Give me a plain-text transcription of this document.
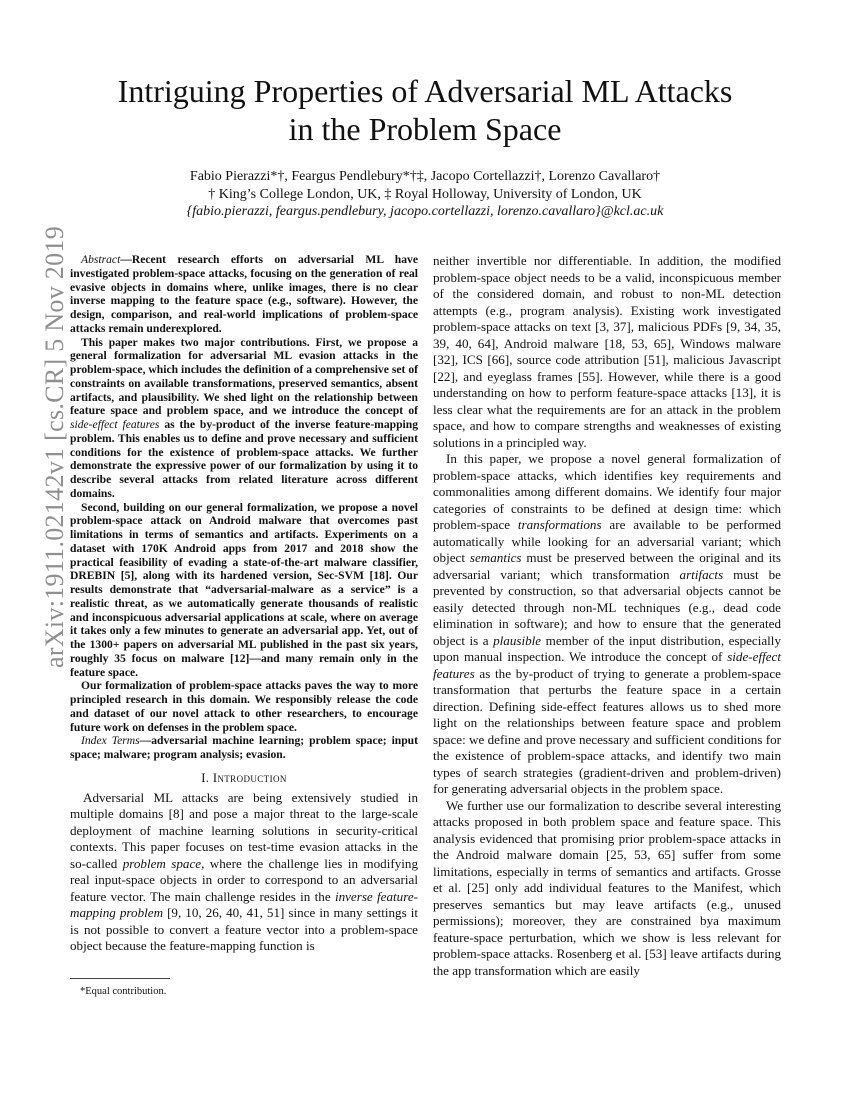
arXiv:1911.02142v1 [cs.CR] 5 Nov 2019
Intriguing Properties of Adversarial ML Attacks
in the Problem Space
Fabio Pierazzi*†, Feargus Pendlebury*†‡, Jacopo Cortellazzi†, Lorenzo Cavallaro†
† King’s College London, UK, ‡ Royal Holloway, University of London, UK
{fabio.pierazzi, feargus.pendlebury, jacopo.cortellazzi, lorenzo.cavallaro}@kcl.ac.uk

Abstract—Recent research efforts on adversarial ML have investigated problem-space attacks, focusing on the generation of real evasive objects in domains where, unlike images, there is no clear inverse mapping to the feature space (e.g., software). However, the design, comparison, and real-world implications of problem-space attacks remain underexplored.

This paper makes two major contributions. First, we propose a general formalization for adversarial ML evasion attacks in the problem-space, which includes the definition of a comprehensive set of constraints on available transformations, preserved semantics, absent artifacts, and plausibility. We shed light on the relationship between feature space and problem space, and we introduce the concept of side-effect features as the by-product of the inverse feature-mapping problem. This enables us to define and prove necessary and sufficient conditions for the existence of problem-space attacks. We further demonstrate the expressive power of our formalization by using it to describe several attacks from related literature across different domains.

Second, building on our general formalization, we propose a novel problem-space attack on Android malware that overcomes past limitations in terms of semantics and artifacts. Experiments on a dataset with 170K Android apps from 2017 and 2018 show the practical feasibility of evading a state-of-the-art malware classifier, DREBIN [5], along with its hardened version, Sec-SVM [18]. Our results demonstrate that “adversarial-malware as a service” is a realistic threat, as we automatically generate thousands of realistic and inconspicuous adversarial applications at scale, where on average it takes only a few minutes to generate an adversarial app. Yet, out of the 1300+ papers on adversarial ML published in the past six years, roughly 35 focus on malware [12]—and many remain only in the feature space.

Our formalization of problem-space attacks paves the way to more principled research in this domain. We responsibly release the code and dataset of our novel attack to other researchers, to encourage future work on defenses in the problem space.

Index Terms—adversarial machine learning; problem space; input space; malware; program analysis; evasion.

I. Introduction

Adversarial ML attacks are being extensively studied in multiple domains [8] and pose a major threat to the large-scale deployment of machine learning solutions in security-critical contexts. This paper focuses on test-time evasion attacks in the so-called problem space, where the challenge lies in modifying real input-space objects in order to correspond to an adversarial feature vector. The main challenge resides in the inverse feature-mapping problem [9, 10, 26, 40, 41, 51] since in many settings it is not possible to convert a feature vector into a problem-space object because the feature-mapping function is

neither invertible nor differentiable. In addition, the modified problem-space object needs to be a valid, inconspicuous member of the considered domain, and robust to non-ML detection attempts (e.g., program analysis). Existing work investigated problem-space attacks on text [3, 37], malicious PDFs [9, 34, 35, 39, 40, 64], Android malware [18, 53, 65], Windows malware [32], ICS [66], source code attribution [51], malicious Javascript [22], and eyeglass frames [55]. However, while there is a good understanding on how to perform feature-space attacks [13], it is less clear what the requirements are for an attack in the problem space, and how to compare strengths and weaknesses of existing solutions in a principled way.

In this paper, we propose a novel general formalization of problem-space attacks, which identifies key requirements and commonalities among different domains. We identify four major categories of constraints to be defined at design time: which problem-space transformations are available to be performed automatically while looking for an adversarial variant; which object semantics must be preserved between the original and its adversarial variant; which transformation artifacts must be prevented by construction, so that adversarial objects cannot be easily detected through non-ML techniques (e.g., dead code elimination in software); and how to ensure that the generated object is a plausible member of the input distribution, especially upon manual inspection. We introduce the concept of side-effect features as the by-product of trying to generate a problem-space transformation that perturbs the feature space in a certain direction. Defining side-effect features allows us to shed more light on the relationships between feature space and problem space: we define and prove necessary and sufficient conditions for the existence of problem-space attacks, and identify two main types of search strategies (gradient-driven and problem-driven) for generating adversarial objects in the problem space.

We further use our formalization to describe several interesting attacks proposed in both problem space and feature space. This analysis evidenced that promising prior problem-space attacks in the Android malware domain [25, 53, 65] suffer from some limitations, especially in terms of semantics and artifacts. Grosse et al. [25] only add individual features to the Manifest, which preserves semantics but may leave artifacts (e.g., unused permissions); moreover, they are constrained bya maximum feature-space perturbation, which we show is less relevant for problem-space attacks. Rosenberg et al. [53] leave artifacts during the app transformation which are easily

*Equal contribution.
